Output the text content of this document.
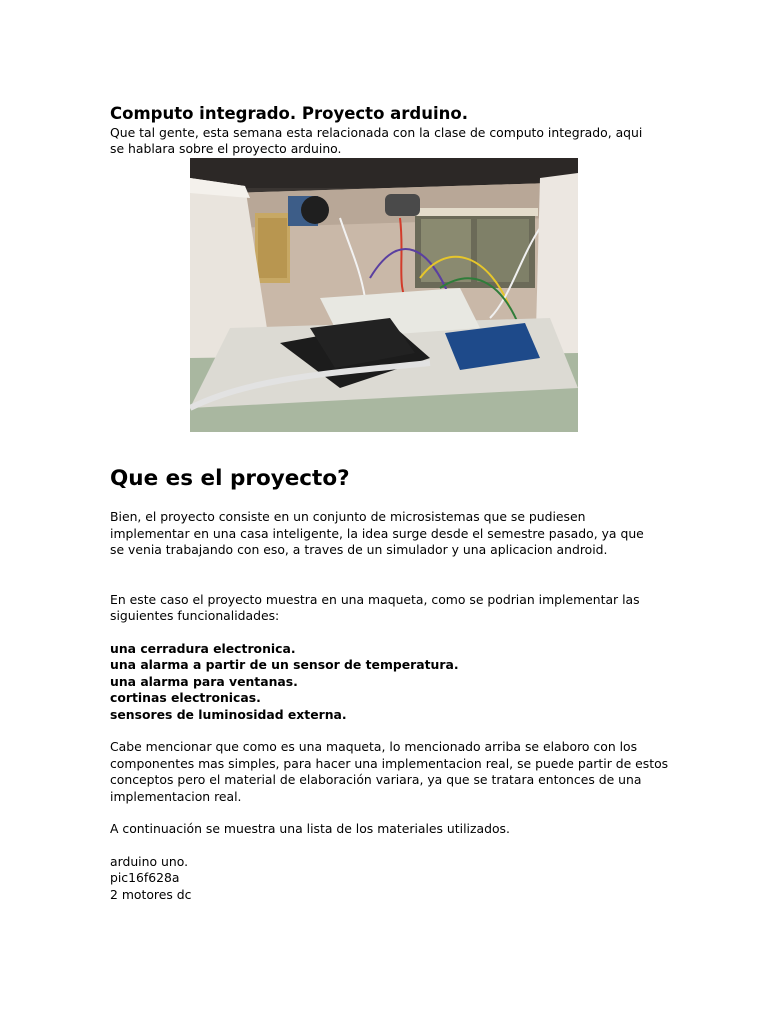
Computo integrado. Proyecto arduino.

Que tal gente, esta semana esta relacionada con la clase de computo integrado, aqui se hablara sobre el proyecto arduino.

Que es el proyecto?

Bien, el proyecto consiste en un conjunto de microsistemas que se pudiesen implementar en una casa inteligente, la idea surge desde el semestre pasado, ya que se venia trabajando con eso, a traves de un simulador y una aplicacion android.

En este caso el proyecto muestra en una maqueta, como se podrian implementar las siguientes funcionalidades:

una cerradura electronica.
una alarma a partir de un sensor de temperatura.
una alarma para ventanas.
cortinas electronicas.
sensores de luminosidad externa.

Cabe mencionar que como es una maqueta, lo mencionado arriba se elaboro con los componentes mas simples, para hacer una implementacion real, se puede partir de estos conceptos pero el material de elaboración variara, ya que se tratara entonces de una implementacion real.

A continuación se muestra una lista de los materiales utilizados.

arduino uno.
pic16f628a
2 motores dc
